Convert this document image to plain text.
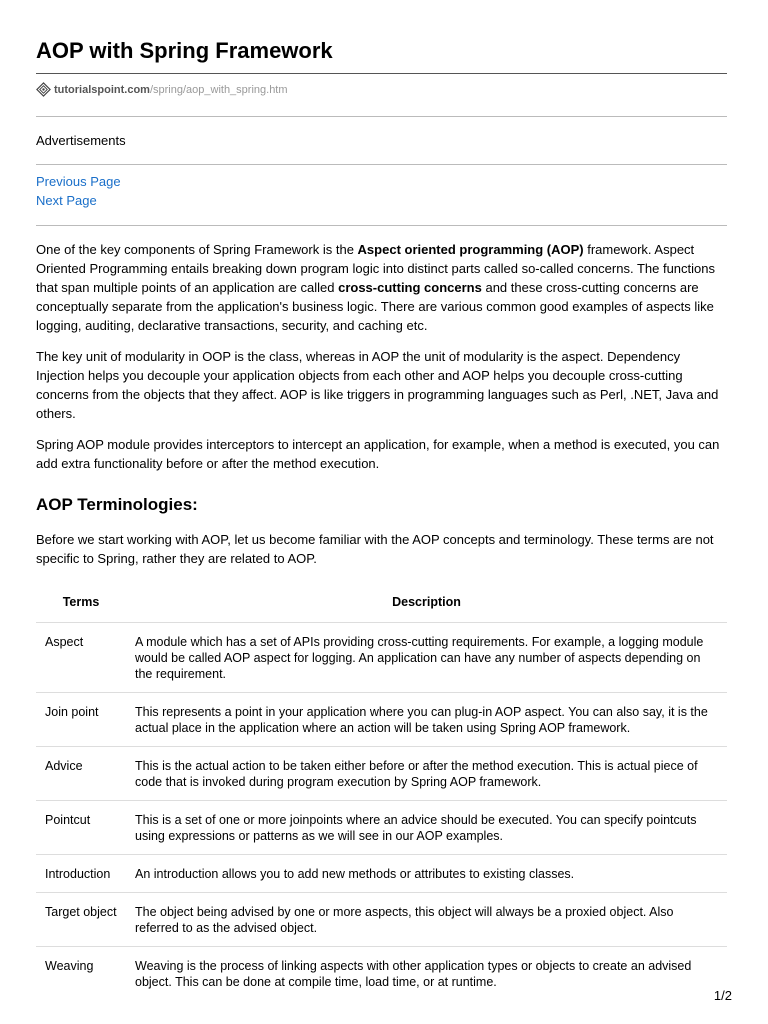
AOP with Spring Framework
tutorialspoint.com /spring/aop_with_spring.htm
Advertisements
Previous Page
Next Page

One of the key components of Spring Framework is the Aspect oriented programming (AOP) framework. Aspect Oriented Programming entails breaking down program logic into distinct parts called so-called concerns. The functions that span multiple points of an application are called cross-cutting concerns and these cross-cutting concerns are conceptually separate from the application's business logic. There are various common good examples of aspects like logging, auditing, declarative transactions, security, and caching etc.

The key unit of modularity in OOP is the class, whereas in AOP the unit of modularity is the aspect. Dependency Injection helps you decouple your application objects from each other and AOP helps you decouple cross-cutting concerns from the objects that they affect. AOP is like triggers in programming languages such as Perl, .NET, Java and others.

Spring AOP module provides interceptors to intercept an application, for example, when a method is executed, you can add extra functionality before or after the method execution.

AOP Terminologies:

Before we start working with AOP, let us become familiar with the AOP concepts and terminology. These terms are not specific to Spring, rather they are related to AOP.

Terms	Description
Aspect	A module which has a set of APIs providing cross-cutting requirements. For example, a logging module would be called AOP aspect for logging. An application can have any number of aspects depending on the requirement.
Join point	This represents a point in your application where you can plug-in AOP aspect. You can also say, it is the actual place in the application where an action will be taken using Spring AOP framework.
Advice	This is the actual action to be taken either before or after the method execution. This is actual piece of code that is invoked during program execution by Spring AOP framework.
Pointcut	This is a set of one or more joinpoints where an advice should be executed. You can specify pointcuts using expressions or patterns as we will see in our AOP examples.
Introduction	An introduction allows you to add new methods or attributes to existing classes.
Target object	The object being advised by one or more aspects, this object will always be a proxied object. Also referred to as the advised object.
Weaving	Weaving is the process of linking aspects with other application types or objects to create an advised object. This can be done at compile time, load time, or at runtime.
1/2
